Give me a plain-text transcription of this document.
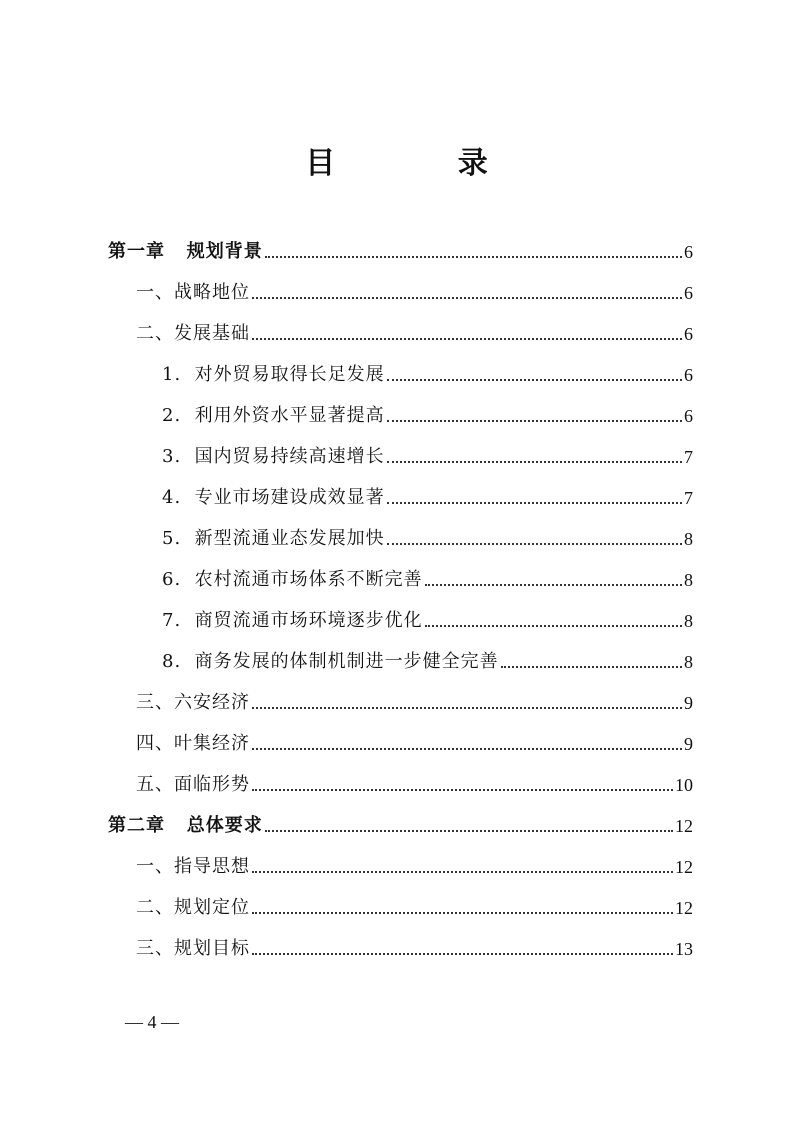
目 录
第一章   规划背景	6
一、战略地位	6
二、发展基础	6
1.  对外贸易取得长足发展	6
2.  利用外资水平显著提高	6
3.  国内贸易持续高速增长	7
4.  专业市场建设成效显著	7
5.  新型流通业态发展加快	8
6.  农村流通市场体系不断完善	8
7.  商贸流通市场环境逐步优化	8
8.  商务发展的体制机制进一步健全完善	8
三、六安经济	9
四、叶集经济	9
五、面临形势	10
第二章   总体要求	12
一、指导思想	12
二、规划定位	12
三、规划目标	13
— 4 —
